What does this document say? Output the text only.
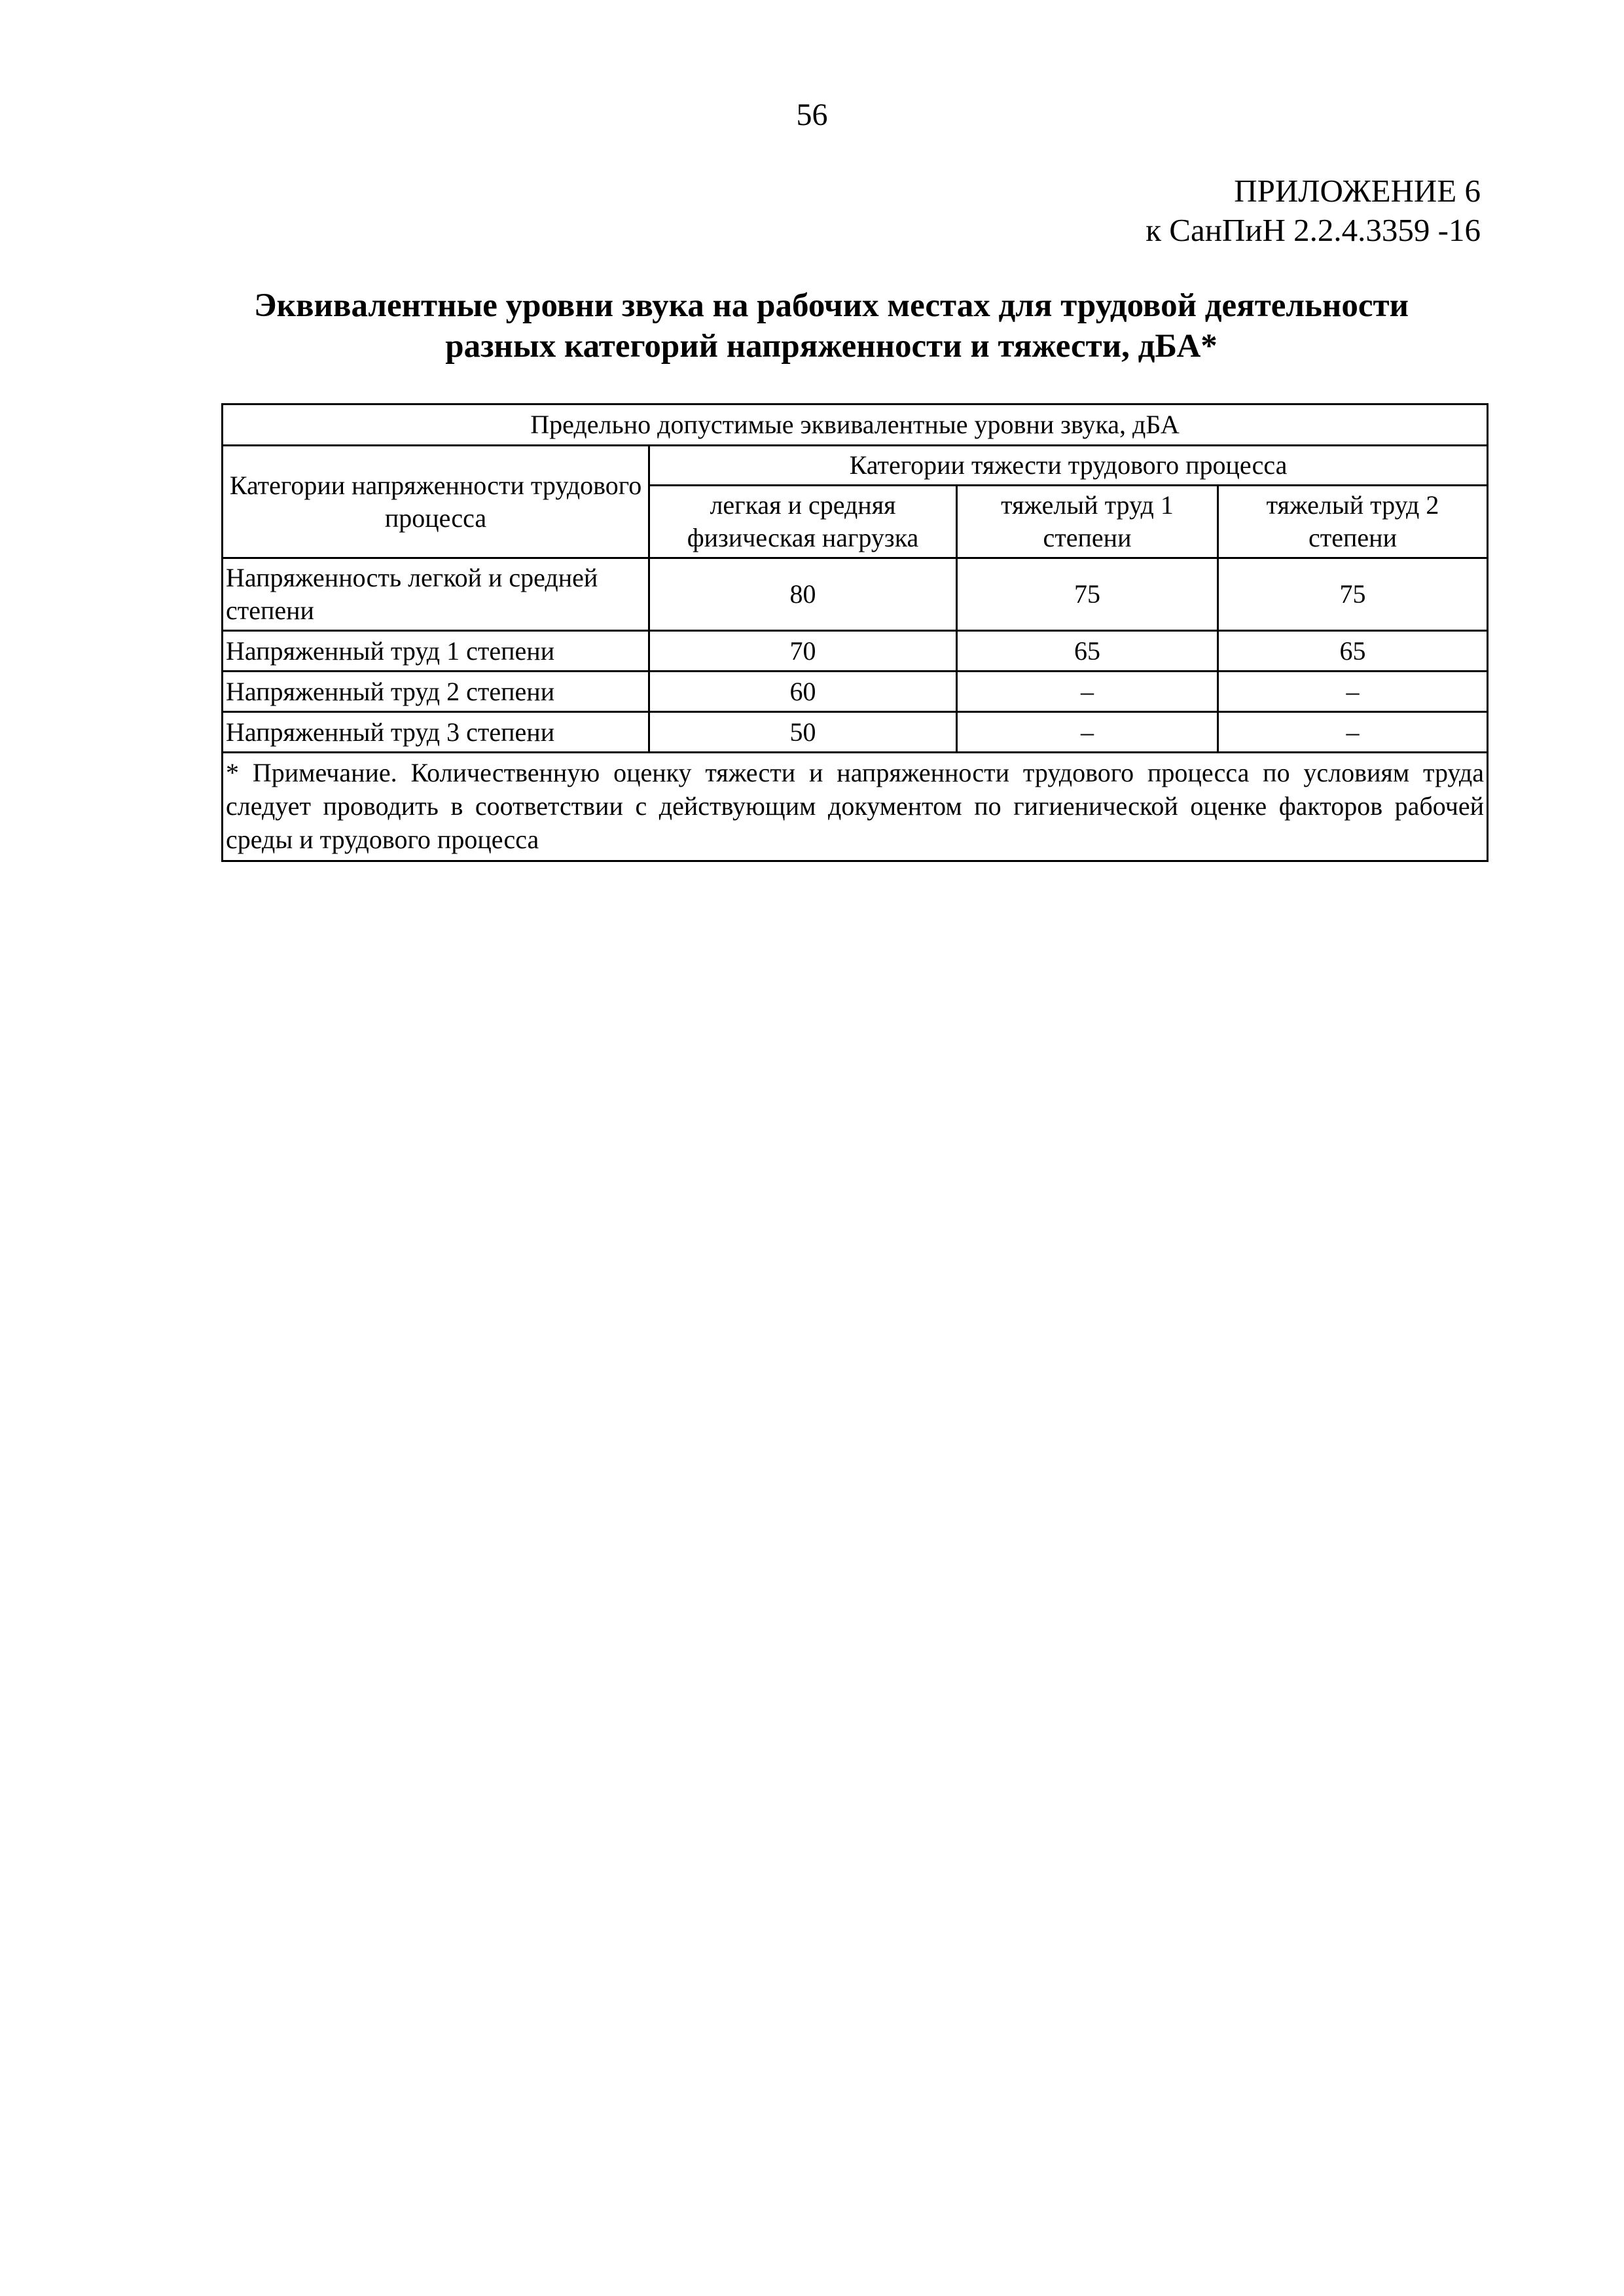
56
ПРИЛОЖЕНИЕ 6
к СанПиН 2.2.4.3359 -16
Эквивалентные уровни звука на рабочих местах для трудовой деятельности
разных категорий напряженности и тяжести, дБА*
Предельно допустимые эквивалентные уровни звука, дБА			
Категории напряженности трудового процесса	Категории тяжести трудового процесса		
	легкая и средняя физическая нагрузка	тяжелый труд 1 степени	тяжелый труд 2 степени
Напряженность легкой и средней степени	80	75	75
Напряженный труд 1 степени	70	65	65
Напряженный труд 2 степени	60	–	–
Напряженный труд 3 степени	50	–	–
* Примечание. Количественную оценку тяжести и напряженности трудового процесса по условиям труда следует проводить в соответствии с действующим документом по гигиенической оценке факторов рабочей среды и трудового процесса			
